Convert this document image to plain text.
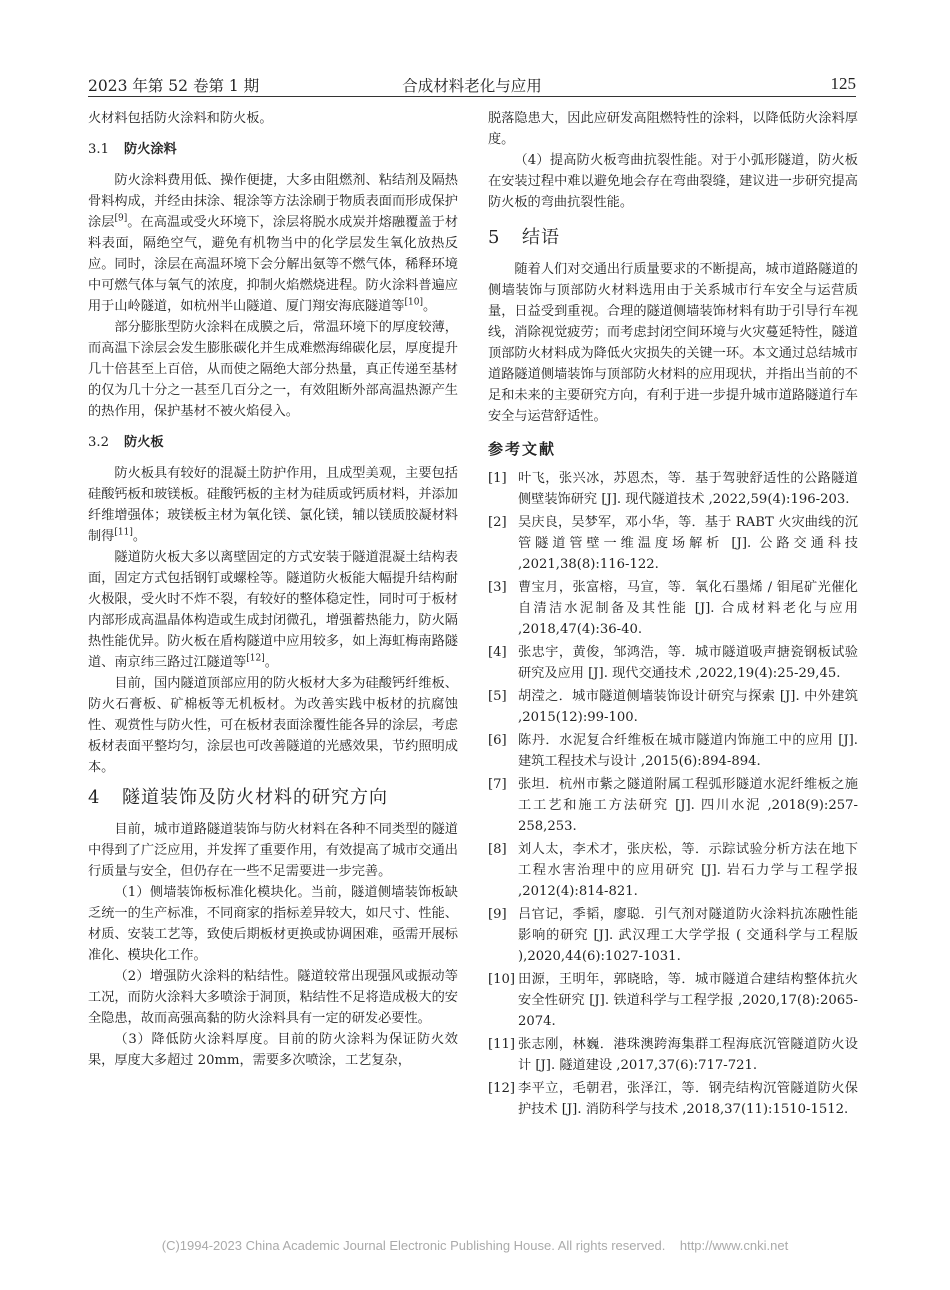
2023 年第 52 卷第 1 期	合成材料老化与应用	125

火材料包括防火涂料和防火板。

3.1 防火涂料

防火涂料费用低、操作便捷，大多由阻燃剂、粘结剂及隔热骨料构成，并经由抹涂、辊涂等方法涂刷于物质表面而形成保护涂层[9]。在高温或受火环境下，涂层将脱水成炭并熔融覆盖于材料表面，隔绝空气，避免有机物当中的化学层发生氧化放热反应。同时，涂层在高温环境下会分解出氨等不燃气体，稀释环境中可燃气体与氧气的浓度，抑制火焰燃烧进程。防火涂料普遍应用于山岭隧道，如杭州半山隧道、厦门翔安海底隧道等[10]。

部分膨胀型防火涂料在成膜之后，常温环境下的厚度较薄，而高温下涂层会发生膨胀碳化并生成难燃海绵碳化层，厚度提升几十倍甚至上百倍，从而使之隔绝大部分热量，真正传递至基材的仅为几十分之一甚至几百分之一，有效阻断外部高温热源产生的热作用，保护基材不被火焰侵入。

3.2 防火板

防火板具有较好的混凝土防护作用，且成型美观，主要包括硅酸钙板和玻镁板。硅酸钙板的主材为硅质或钙质材料，并添加纤维增强体；玻镁板主材为氧化镁、氯化镁，辅以镁质胶凝材料制得[11]。

隧道防火板大多以离壁固定的方式安装于隧道混凝土结构表面，固定方式包括钢钉或螺栓等。隧道防火板能大幅提升结构耐火极限，受火时不炸不裂，有较好的整体稳定性，同时可于板材内部形成高温晶体构造或生成封闭微孔，增强蓄热能力，防火隔热性能优异。防火板在盾构隧道中应用较多，如上海虹梅南路隧道、南京纬三路过江隧道等[12]。

目前，国内隧道顶部应用的防火板材大多为硅酸钙纤维板、防火石膏板、矿棉板等无机板材。为改善实践中板材的抗腐蚀性、观赏性与防火性，可在板材表面涂覆性能各异的涂层，考虑板材表面平整均匀，涂层也可改善隧道的光感效果，节约照明成本。

4 隧道装饰及防火材料的研究方向

目前，城市道路隧道装饰与防火材料在各种不同类型的隧道中得到了广泛应用，并发挥了重要作用，有效提高了城市交通出行质量与安全，但仍存在一些不足需要进一步完善。

（1）侧墙装饰板标准化模块化。当前，隧道侧墙装饰板缺乏统一的生产标准，不同商家的指标差异较大，如尺寸、性能、材质、安装工艺等，致使后期板材更换或协调困难，亟需开展标准化、模块化工作。

（2）增强防火涂料的粘结性。隧道较常出现强风或振动等工况，而防火涂料大多喷涂于洞顶，粘结性不足将造成极大的安全隐患，故而高强高黏的防火涂料具有一定的研发必要性。

（3）降低防火涂料厚度。目前的防火涂料为保证防火效果，厚度大多超过 20mm，需要多次喷涂，工艺复杂，

脱落隐患大，因此应研发高阻燃特性的涂料，以降低防火涂料厚度。

（4）提高防火板弯曲抗裂性能。对于小弧形隧道，防火板在安装过程中难以避免地会存在弯曲裂缝，建议进一步研究提高防火板的弯曲抗裂性能。

5 结语

随着人们对交通出行质量要求的不断提高，城市道路隧道的侧墙装饰与顶部防火材料选用由于关系城市行车安全与运营质量，日益受到重视。合理的隧道侧墙装饰材料有助于引导行车视线，消除视觉疲劳；而考虑封闭空间环境与火灾蔓延特性，隧道顶部防火材料成为降低火灾损失的关键一环。本文通过总结城市道路隧道侧墙装饰与顶部防火材料的应用现状，并指出当前的不足和未来的主要研究方向，有利于进一步提升城市道路隧道行车安全与运营舒适性。

参考文献
[1] 叶飞，张兴冰，苏恩杰，等．基于驾驶舒适性的公路隧道侧壁装饰研究 [J]. 现代隧道技术 ,2022,59(4):196-203.
[2] 吴庆良，吴梦军，邓小华，等．基于 RABT 火灾曲线的沉管隧道管壁一维温度场解析 [J]. 公路交通科技 ,2021,38(8):116-122.
[3] 曹宝月，张富榕，马宣，等．氧化石墨烯 / 钼尾矿光催化自清洁水泥制备及其性能 [J]. 合成材料老化与应用 ,2018,47(4):36-40.
[4] 张忠宇，黄俊，邹鸿浩，等．城市隧道吸声搪瓷钢板试验研究及应用 [J]. 现代交通技术 ,2022,19(4):25-29,45.
[5] 胡滢之．城市隧道侧墙装饰设计研究与探索 [J]. 中外建筑 ,2015(12):99-100.
[6] 陈丹．水泥复合纤维板在城市隧道内饰施工中的应用 [J]. 建筑工程技术与设计 ,2015(6):894-894.
[7] 张坦．杭州市紫之隧道附属工程弧形隧道水泥纤维板之施工工艺和施工方法研究 [J]. 四川水泥 ,2018(9):257-258,253.
[8] 刘人太，李术才，张庆松，等．示踪试验分析方法在地下工程水害治理中的应用研究 [J]. 岩石力学与工程学报 ,2012(4):814-821.
[9] 吕官记，季韬，廖聪．引气剂对隧道防火涂料抗冻融性能影响的研究 [J]. 武汉理工大学学报 ( 交通科学与工程版 ),2020,44(6):1027-1031.
[10] 田源，王明年，郭晓晗，等．城市隧道合建结构整体抗火安全性研究 [J]. 铁道科学与工程学报 ,2020,17(8):2065-2074.
[11] 张志刚，林巍．港珠澳跨海集群工程海底沉管隧道防火设计 [J]. 隧道建设 ,2017,37(6):717-721.
[12] 李平立，毛朝君，张泽江，等．钢壳结构沉管隧道防火保护技术 [J]. 消防科学与技术 ,2018,37(11):1510-1512.
(C)1994-2023 China Academic Journal Electronic Publishing House. All rights reserved.    http://www.cnki.net
